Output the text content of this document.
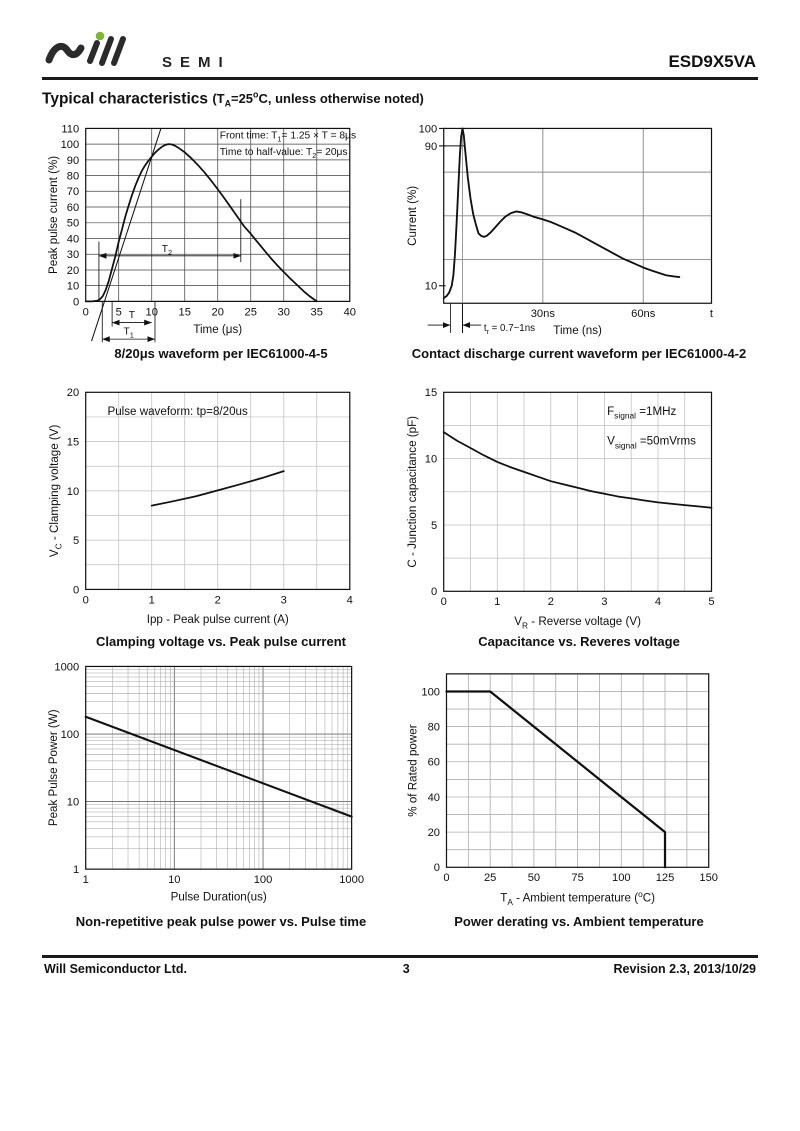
SEMI	ESD9X5VA
Typical characteristics ($T_A=25^oC$, unless otherwise noted)
0 5 10 15 20 25 30 35 40
0
10
20
30
40
50
60
70
80
90
100
110
Time (μs)
Peak pulse current (%)
Front time: $T_1= 1.25 \times T = 8\mu s$
Time to half-value: $T_2= 20\mu s$
$T_2$
T
$T_1$
8/20μs waveform per IEC61000-4-5
30ns	60ns	t
100
90
10
Time (ns)
Current (%)
$t_r$ = 0.7~1ns
Contact discharge current waveform per IEC61000-4-2
0	1	2	3	4
0
5
10
15
20
Ipp - Peak pulse current (A)
$V_C$ - Clamping voltage (V)
Pulse waveform: tp=8/20us
Clamping voltage vs. Peak pulse current
0	1	2	3	4	5
0
5
10
15
$V_R$ - Reverse voltage (V)
C - Junction capacitance (pF)
$F_{signal} =1MHz$
$V_{signal}$ =50mVrms
Capacitance vs. Reveres voltage
1	10	100	1000
1
10
100
1000
Pulse Duration(us)
Peak Pulse Power (W)
Non-repetitive peak pulse power vs. Pulse time
0	25	50	75 100 125 150
0
20
40
60
80
100
$T_A$ - Ambient temperature ($^o$C)
% of Rated power
Power derating vs. Ambient temperature
Will Semiconductor Ltd.	3	Revision 2.3, 2013/10/29
